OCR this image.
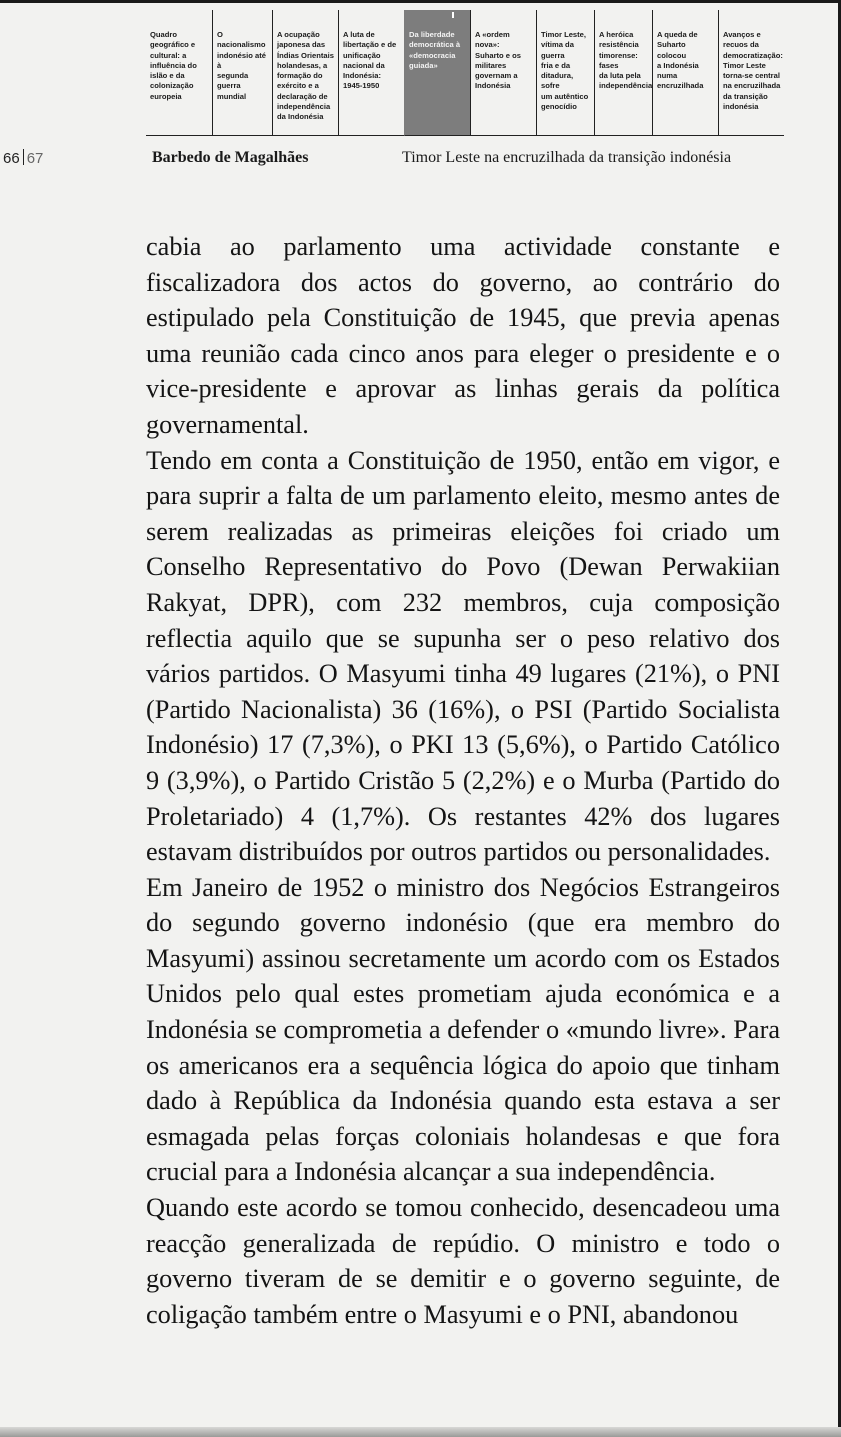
Quadro
geográfico e
cultural: a
influência do
islão e da
colonização
europeia
O nacionalismo
indonésio até à
segunda guerra
mundial
A ocupação
japonesa das
Índias Orientais
holandesas, a
formação do
exército e a
declaração de
independência
da Indonésia
A luta de
libertação e de
unificação
nacional da
Indonésia:
1945-1950
Da liberdade
democrática à
«democracia
guiada»
A «ordem nova»:
Suharto e os
militares
governam a
Indonésia
Timor Leste,
vítima da guerra
fria e da
ditadura, sofre
um autêntico
genocídio
A heróica
resistência
timorense: fases
da luta pela
independência
A queda de
Suharto colocou
a Indonésia
numa
encruzilhada
Avanços e
recuos da
democratização:
Timor Leste
torna-se central
na encruzilhada
da transição
indonésia
66 67	Barbedo de Magalhães	Timor Leste na encruzilhada da transição indonésia

cabia ao parlamento uma actividade constante e fiscalizadora dos actos do governo, ao contrário do estipulado pela Constituição de 1945, que previa apenas uma reunião cada cinco anos para eleger o presidente e o vice-presidente e aprovar as linhas gerais da política governamental.

Tendo em conta a Constituição de 1950, então em vigor, e para suprir a falta de um parlamento eleito, mesmo antes de serem realizadas as primeiras eleições foi criado um Conselho Representativo do Povo (Dewan Perwakiian Rakyat, DPR), com 232 membros, cuja composição reflectia aquilo que se supunha ser o peso relativo dos vários partidos. O Masyumi tinha 49 lugares (21%), o PNI (Partido Nacionalista) 36 (16%), o PSI (Partido Socialista Indonésio) 17 (7,3%), o PKI 13 (5,6%), o Partido Católico 9 (3,9%), o Partido Cristão 5 (2,2%) e o Murba (Partido do Proletariado) 4 (1,7%). Os restantes 42% dos lugares estavam distribuídos por outros partidos ou personalidades.

Em Janeiro de 1952 o ministro dos Negócios Estrangeiros do segundo governo indonésio (que era membro do Masyumi) assinou secretamente um acordo com os Estados Unidos pelo qual estes prometiam ajuda económica e a Indonésia se comprometia a defender o «mundo livre». Para os americanos era a sequência lógica do apoio que tinham dado à República da Indonésia quando esta estava a ser esmagada pelas forças coloniais holandesas e que fora crucial para a Indonésia alcançar a sua independência.

Quando este acordo se tomou conhecido, desencadeou uma reacção generalizada de repúdio. O ministro e todo o governo tiveram de se demitir e o governo seguinte, de coligação também entre o Masyumi e o PNI, abandonou
